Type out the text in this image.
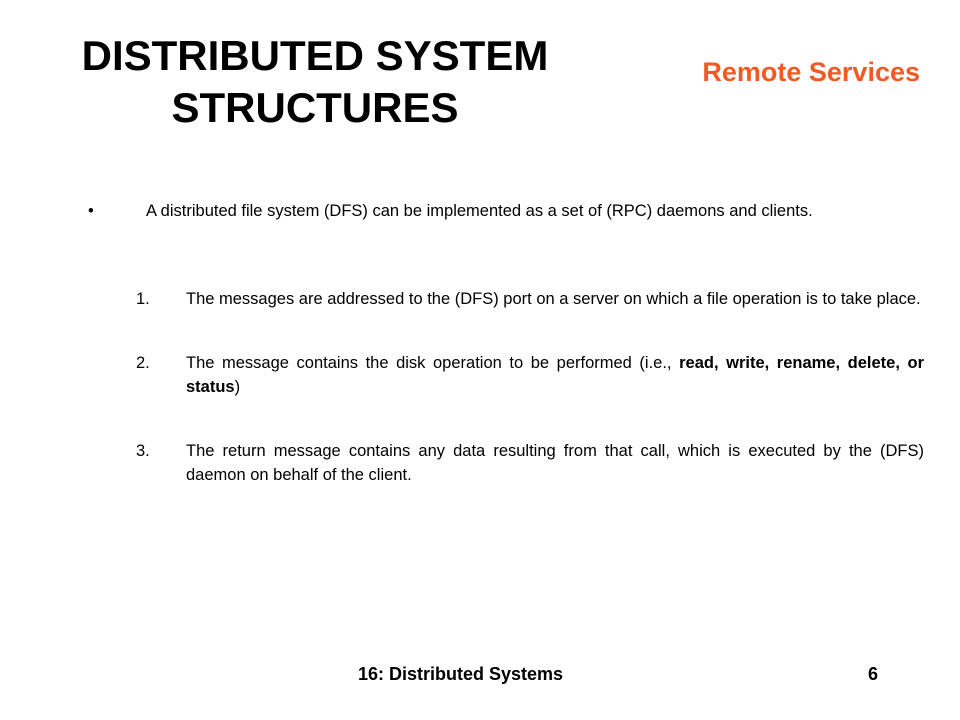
DISTRIBUTED SYSTEM
STRUCTURES
Remote Services
•	A distributed file system (DFS) can be implemented as a set of (RPC) daemons and clients.
1.	The messages are addressed to the (DFS) port on a server on which a file operation is to take place.
2.	The message contains the disk operation to be performed (i.e., read, write, rename, delete, or status)
3.	The return message contains any data resulting from that call, which is executed by the (DFS) daemon on behalf of the client.
16: Distributed Systems	6
